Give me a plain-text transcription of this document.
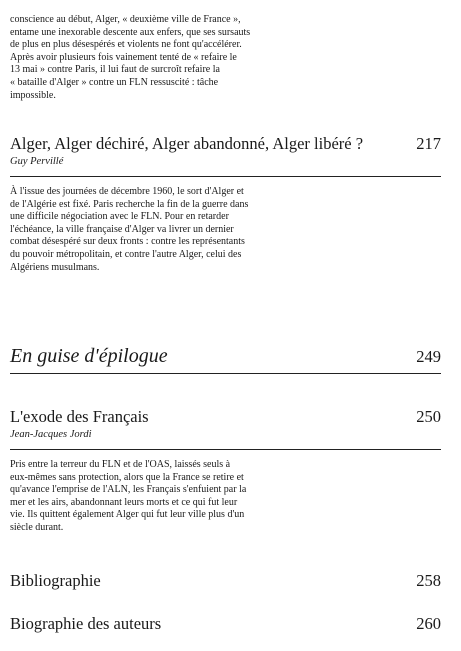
conscience au début, Alger, « deuxième ville de France »,
entame une inexorable descente aux enfers, que ses sursauts
de plus en plus désespérés et violents ne font qu'accélérer.
Après avoir plusieurs fois vainement tenté de « refaire le
13 mai » contre Paris, il lui faut de surcroît refaire la
« bataille d'Alger » contre un FLN ressuscité : tâche
impossible.
Alger, Alger déchiré, Alger abandonné, Alger libéré ?	217
Guy Pervillé
À l'issue des journées de décembre 1960, le sort d'Alger et
de l'Algérie est fixé. Paris recherche la fin de la guerre dans
une difficile négociation avec le FLN. Pour en retarder
l'échéance, la ville française d'Alger va livrer un dernier
combat désespéré sur deux fronts : contre les représentants
du pouvoir métropolitain, et contre l'autre Alger, celui des
Algériens musulmans.
En guise d'épilogue	249
L'exode des Français	250
Jean-Jacques Jordi
Pris entre la terreur du FLN et de l'OAS, laissés seuls à
eux-mêmes sans protection, alors que la France se retire et
qu'avance l'emprise de l'ALN, les Français s'enfuient par la
mer et les airs, abandonnant leurs morts et ce qui fut leur
vie. Ils quittent également Alger qui fut leur ville plus d'un
siècle durant.
Bibliographie	258
Biographie des auteurs	260
